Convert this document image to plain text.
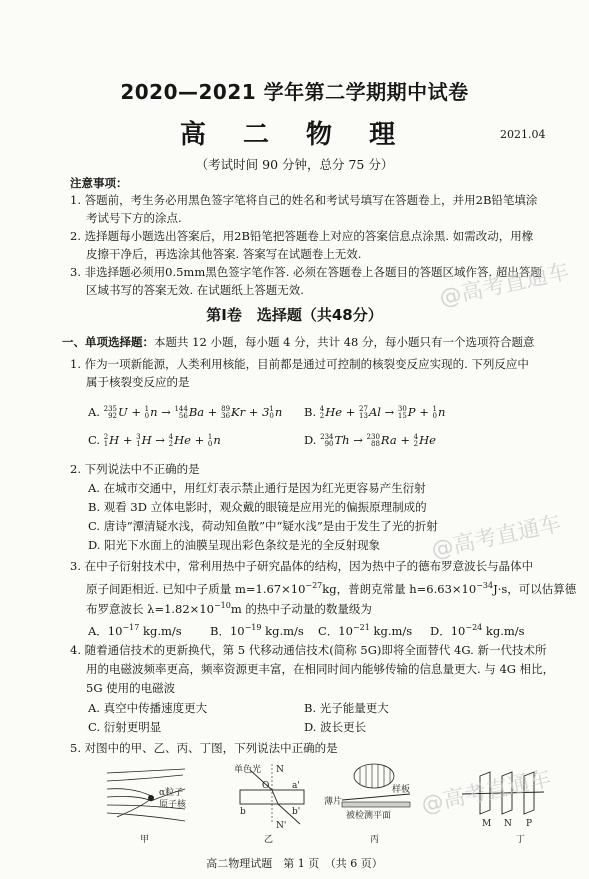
2020—2021 学年第二学期期中试卷
高 二 物 理	2021.04
（考试时间 90 分钟，总分 75 分）
注意事项：
1. 答题前，考生务必用黑色签字笔将自己的姓名和考试号填写在答题卷上，并用2B铅笔填涂
考试号下方的涂点.
2. 选择题每小题选出答案后，用2B铅笔把答题卷上对应的答案信息点涂黑. 如需改动，用橡
皮擦干净后，再选涂其他答案. 答案写在试题卷上无效.
3. 非选择题必须用0.5mm黑色签字笔作答. 必须在答题卷上各题目的答题区域作答. 超出答题
区域书写的答案无效. 在试题纸上答题无效.
第Ⅰ卷　选择题（共48分）
一、单项选择题：本题共 12 小题，每小题 4 分，共计 48 分，每小题只有一个选项符合题意
1. 作为一项新能源，人类利用核能，目前都是通过可控制的核裂变反应实现的. 下列反应中
属于核裂变反应的是
A. 235
92U + 1
0n → 144
56Ba + 89
36Kr + 31
0n B. 4
2He + 27
13Al → 30
15P + 1
0n
C. 2
1H + 3
1H → 4
2He + 1
0n	D. 234
90Th → 230
88Ra + 4
2He
2. 下列说法中不正确的是
A. 在城市交通中，用红灯表示禁止通行是因为红光更容易产生衍射
B. 观看 3D 立体电影时，观众戴的眼镜是应用光的偏振原理制成的
C. 唐诗“潭清疑水浅，荷动知鱼散”中“疑水浅”是由于发生了光的折射
D. 阳光下水面上的油膜呈现出彩色条纹是光的全反射现象
3. 在中子衍射技术中，常利用热中子研究晶体的结构，因为热中子的德布罗意波长与晶体中
原子间距相近. 已知中子质量 $m=1.67\times 10^{-27}kg$，普朗克常量 $h=6.63\times 10^{-34}J\cdot s$，可以估算德
布罗意波长 $\lambda=1.82\times 10^{-10}m$ 的热中子动量的数量级为
A．$10^{-17}$ kg.m/s B．$10^{-19}$ kg.m/s C．$10^{-21}$ kg.m/s D．$10^{-24}$ kg.m/s
4. 随着通信技术的更新换代，第 5 代移动通信技术(简称 5G)即将全面替代 4G. 新一代技术所
用的电磁波频率更高，频率资源更丰富，在相同时间内能够传输的信息量更大. 与 4G 相比，
5G 使用的电磁波
A. 真空中传播速度更大	B. 光子能量更大
C. 衍射更明显	D. 波长更长
5. 对图中的甲、乙、丙、丁图，下列说法中正确的是
α粒子
原子核
甲
单色光 N
O	a'
b	b'
N'
乙
薄片
样板
被检测平面
丙
M N P
丁
@高考直通车
@高考直通车
@高考直通车
高二物理试题　第 1 页　（共 6 页）
